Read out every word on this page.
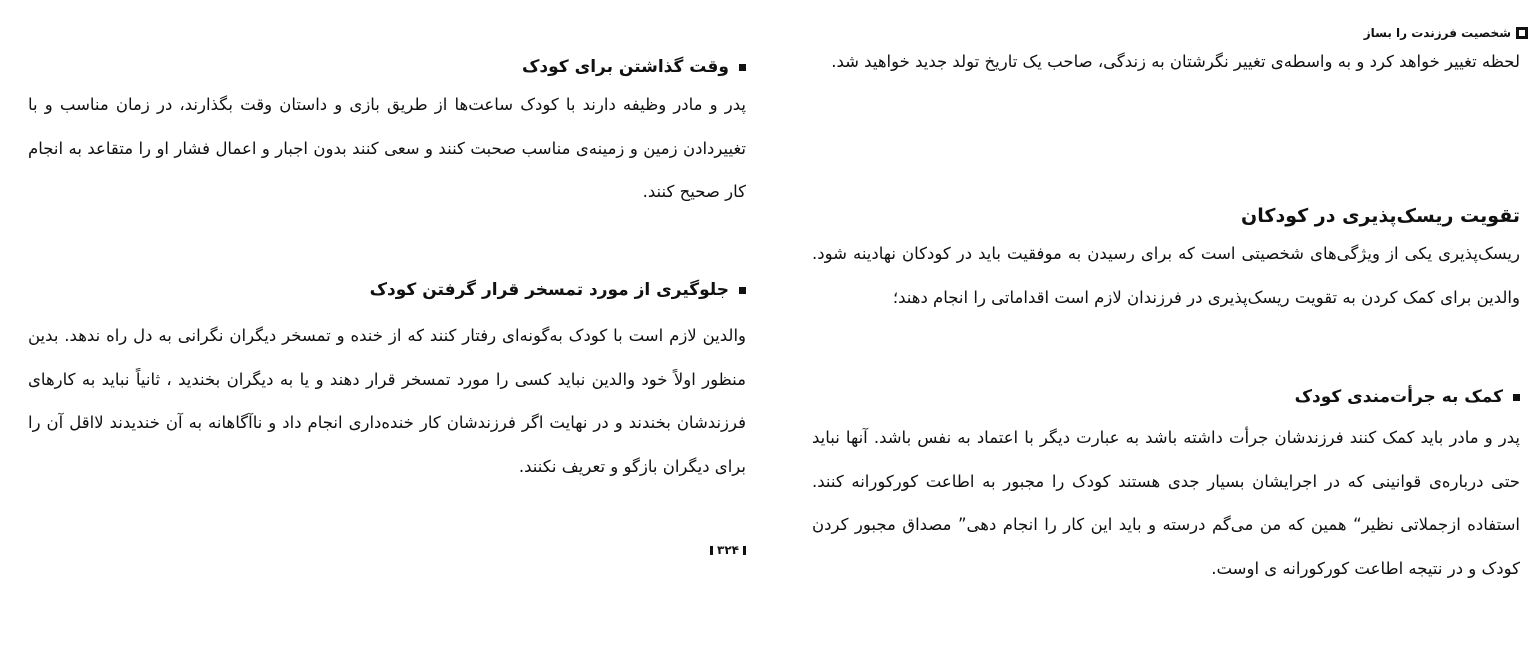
شخصیت فرزندت را بساز

لحظه تغییر خواهد کرد و به واسطه‌ی تغییر نگرشتان به زندگی، صاحب یک تاریخ تولد جدید خواهید شد.

تقویت ریسک‌پذیری در کودکان

ریسک‌پذیری یکی از ویژگی‌های شخصیتی است که برای رسیدن به موفقیت باید در کودکان نهادینه شود. والدین برای کمک کردن به تقویت ریسک‌پذیری در فرزندان لازم است اقداماتی را انجام دهند؛

کمک به جرأت‌مندی کودک

پدر و مادر باید کمک کنند فرزندشان جرأت داشته باشد به عبارت دیگر با اعتماد به نفس باشد. آنها نباید حتی درباره‌ی قوانینی که در اجرایشان بسیار جدی هستند کودک را مجبور به اطاعت کورکورانه کنند. استفاده ازجملاتی نظیر“ همین که من می‌گم درسته و باید این کار را انجام دهی” مصداق مجبور کردن کودک و در نتیجه اطاعت کورکورانه ی اوست.

وقت گذاشتن برای کودک

پدر و مادر وظیفه دارند با کودک ساعت‌ها از طریق بازی و داستان وقت بگذارند، در زمان مناسب و با تغییردادن زمین و زمینه‌ی مناسب صحبت کنند و سعی کنند بدون اجبار و اعمال فشار او را متقاعد به انجام کار صحیح کنند.

جلوگیری از مورد تمسخر قرار گرفتن کودک

والدین لازم است با کودک به‌گونه‌ای رفتار کنند که از خنده و تمسخر دیگران نگرانی به دل راه ندهد. بدین منظور اولاً خود والدین نباید کسی را مورد تمسخر قرار دهند و یا به دیگران بخندید ، ثانیاً نباید به کارهای فرزندشان بخندند و در نهایت اگر فرزندشان کار خنده‌داری انجام داد و ناآگاهانه به آن خندیدند لااقل آن را برای دیگران بازگو و تعریف نکنند.

۳۲۴
